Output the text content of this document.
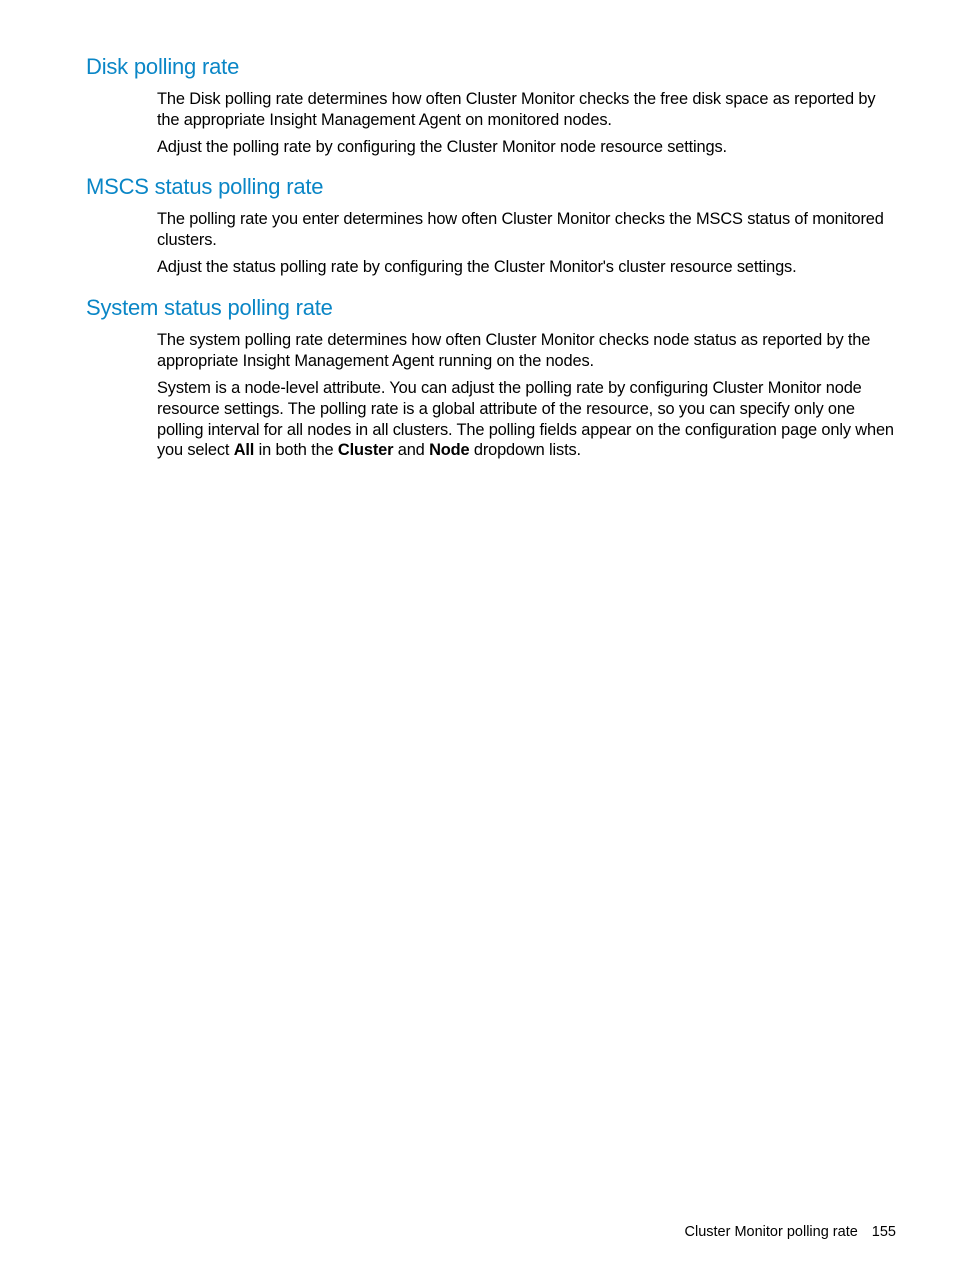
Disk polling rate

The Disk polling rate determines how often Cluster Monitor checks the free disk space as reported by the appropriate Insight Management Agent on monitored nodes.

Adjust the polling rate by configuring the Cluster Monitor node resource settings.

MSCS status polling rate

The polling rate you enter determines how often Cluster Monitor checks the MSCS status of monitored clusters.

Adjust the status polling rate by configuring the Cluster Monitor's cluster resource settings.

System status polling rate

The system polling rate determines how often Cluster Monitor checks node status as reported by the appropriate Insight Management Agent running on the nodes.

System is a node-level attribute. You can adjust the polling rate by configuring Cluster Monitor node resource settings. The polling rate is a global attribute of the resource, so you can specify only one polling interval for all nodes in all clusters. The polling fields appear on the configuration page only when you select All in both the Cluster and Node dropdown lists.

Cluster Monitor polling rate 155
